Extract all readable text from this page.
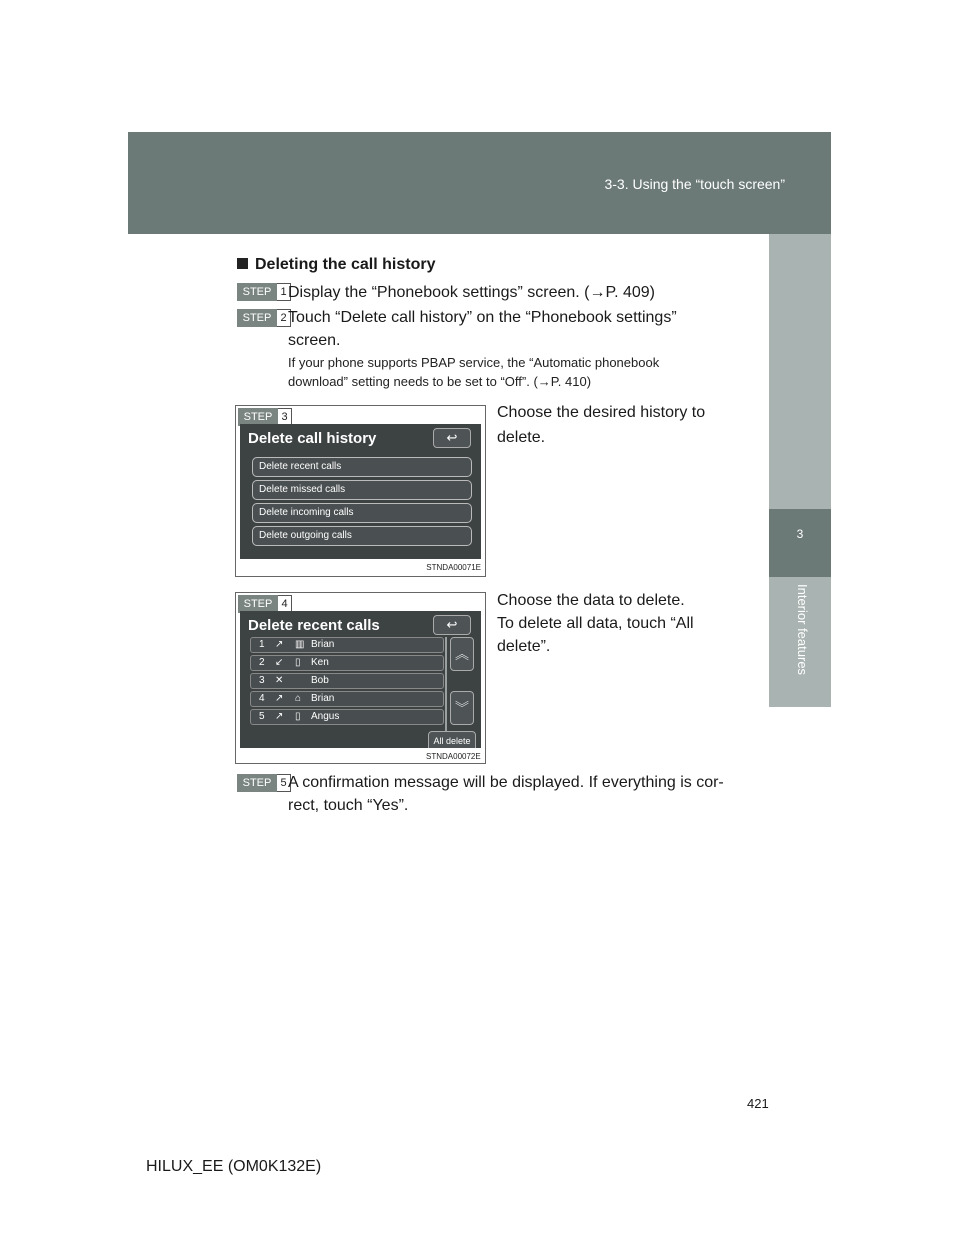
3-3. Using the “touch screen”
3
Interior features
Deleting the call history
STEP 1 Display the “Phonebook settings” screen. (→P. 409)
STEP 2 Touch “Delete call history” on the “Phonebook settings”
screen.
If your phone supports PBAP service, the “Automatic phonebook
download” setting needs to be set to “Off”. (→P. 410)
STEP 3
Delete call history	↩
Delete recent calls
Delete missed calls
Delete incoming calls
Delete outgoing calls
STNDA00071E
Choose the desired history to
delete.
STEP 4
Delete recent calls	↩
1 ↗ ▥ Brian
2 ↙ ▯ Ken
3 ✕	Bob
4 ↗ ⌂ Brian
5 ↗ ▯ Angus
︽
︾
All delete
STNDA00072E
Choose the data to delete.
To delete all data, touch “All
delete”.
STEP 5 A confirmation message will be displayed. If everything is cor-
rect, touch “Yes”.
421
HILUX_EE (OM0K132E)
